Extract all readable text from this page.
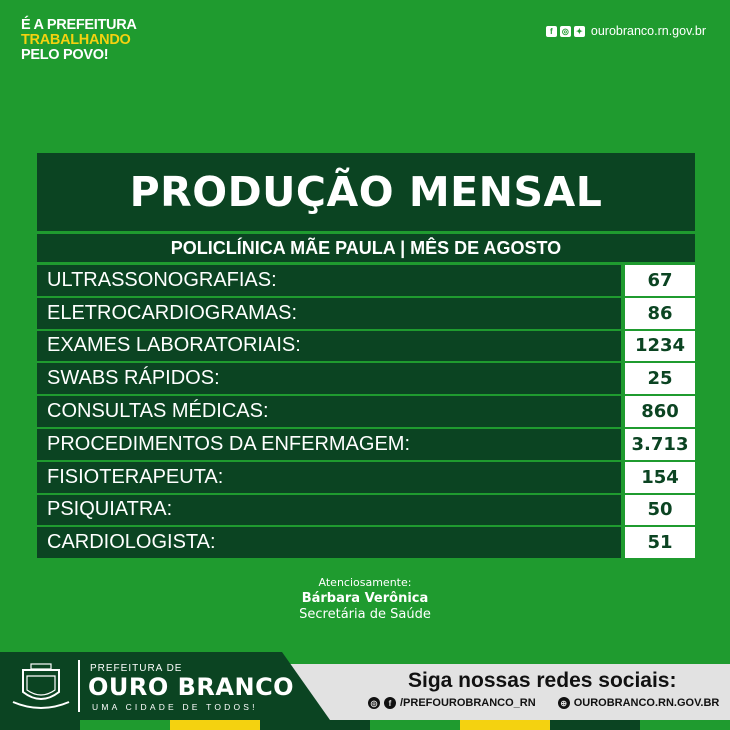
É A PREFEITURA
TRABALHANDO
PELO POVO!
f	◎ ✦ ourobranco.rn.gov.br
PRODUÇÃO MENSAL
POLICLÍNICA MÃE PAULA | MÊS DE AGOSTO
ULTRASSONOGRAFIAS:	67
ELETROCARDIOGRAMAS:	86
EXAMES LABORATORIAIS:	1234
SWABS RÁPIDOS:	25
CONSULTAS MÉDICAS:	860
PROCEDIMENTOS DA ENFERMAGEM:	3.713
FISIOTERAPEUTA:	154
PSIQUIATRA:	50
CARDIOLOGISTA:	51
Atenciosamente:
Bárbara Verônica
Secretária de Saúde
PREFEITURA DE
OURO BRANCO
UMA CIDADE DE TODOS!
Siga nossas redes sociais:
◎	f /PREFOUROBRANCO_RN	⊕ OUROBRANCO.RN.GOV.BR
